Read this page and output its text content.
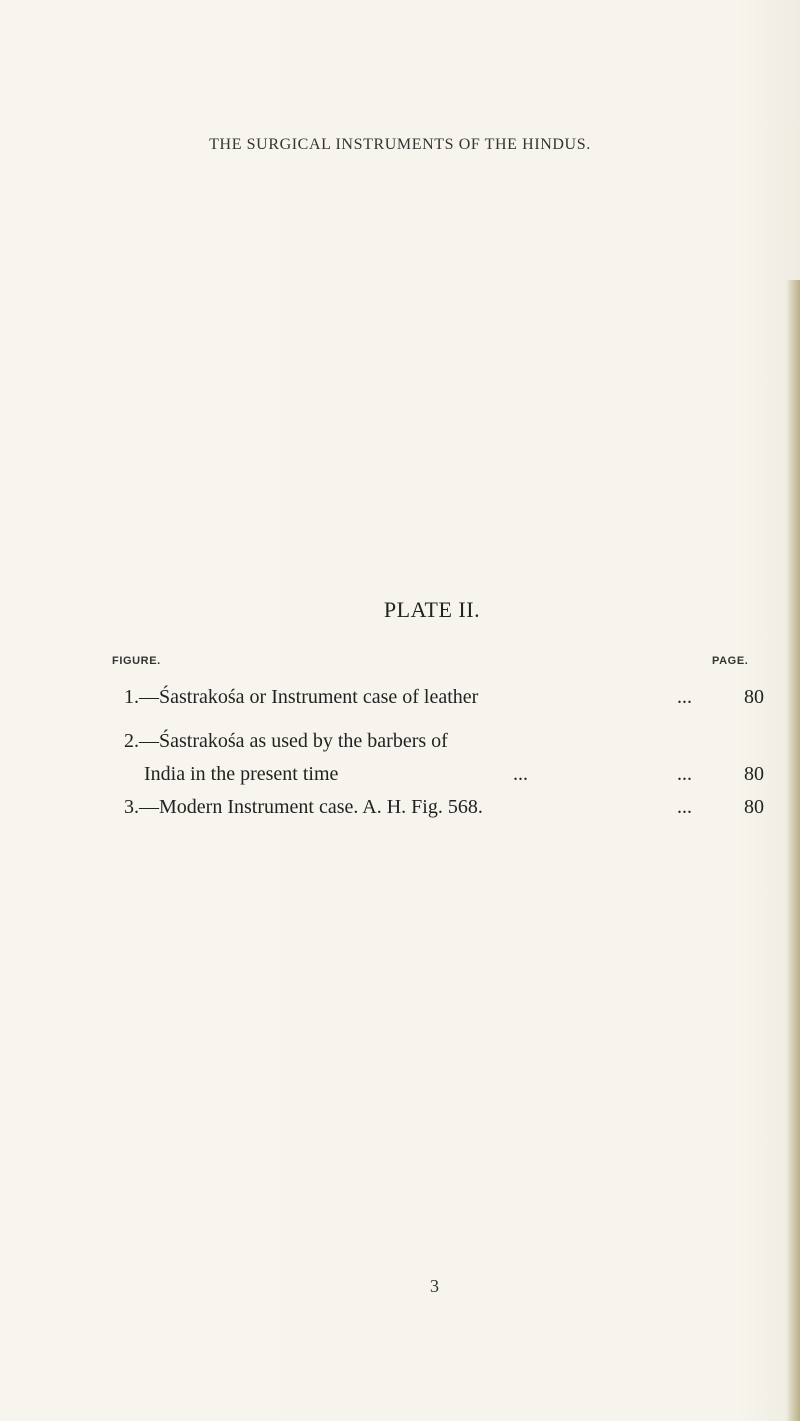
THE SURGICAL INSTRUMENTS OF THE HINDUS.
PLATE II.
FIGURE.	PAGE.
1.—Śastrakośa or Instrument case of leather	...	80
2.—Śastrakośa as used by the barbers of
India in the present time	...	...	80
3.—Modern Instrument case. A. H. Fig. 568.	...	80
3
